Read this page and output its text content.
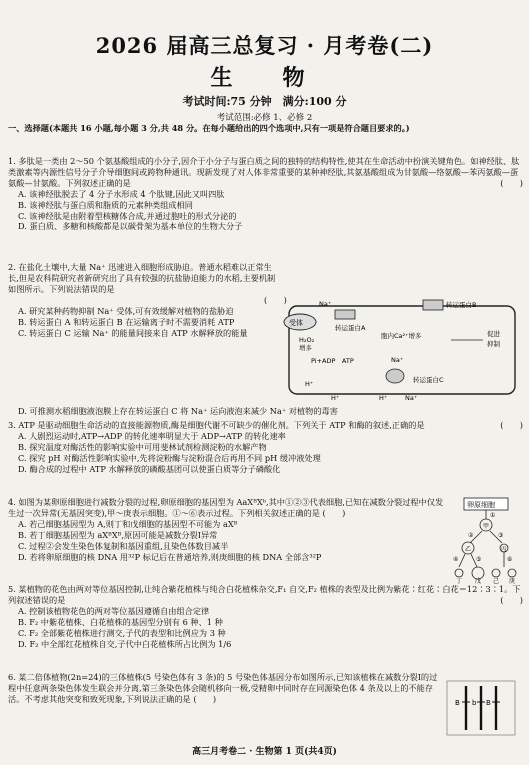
2026 届高三总复习 · 月考卷(二)
生　物
考试时间:75 分钟　满分:100 分
考试范围:必修 1、必修 2
一、选择题(本题共 16 小题,每小题 3 分,共 48 分。在每小题给出的四个选项中,只有一项是符合题目要求的。)
1. 多肽是一类由 2～50 个氨基酸组成的小分子,因介于小分子与蛋白质之间的独特的结构特性,使其在生命活动中扮演关键角色。如神经肽、肽类激素等内源性信号分子介导细胞间或跨物种通讯。现新发现了对人体非常重要的某种神经肽,其氨基酸组成为甘氨酸—络氨酸—苯丙氨酸—蛋氨酸—甘氨酸。下列叙述正确的是	(　　)
A. 该神经肽脱去了 4 分子水形成 4 个肽键,因此又叫四肽
B. 该神经肽与蛋白质和脂质的元素种类组成相同
C. 该神经肽是由附着型核糖体合成,并通过胞吐的形式分泌的
D. 蛋白质、多糖和核酸都是以碳骨架为基本单位的生物大分子
2. 在盐化土壤中,大量 Na⁺ 迅速进入细胞形成胁迫。普通水稻难以正常生长,但是农科院研究者新研究出了具有较强的抗盐胁迫能力的水稻,主要机制如图所示。下列说法错误的是
(　　)
A. 研究某种药物抑制 Na⁺ 受体,可有效缓解对植物的盐胁迫
B. 转运蛋白 A 和转运蛋白 B 在运输离子时不需要消耗 ATP
C. 转运蛋白 C 运输 Na⁺ 的能量间接来自 ATP 水解释放的能量
D. 可推测水稻细胞液泡膜上存在转运蛋白 C 将 Na⁺ 运向液泡来减少 Na⁺ 对植物的毒害
受体
Na⁺
H₂O₂
增多
转运蛋白A
转运蛋白B
胞内Ca²⁺增多	促进
抑制
Pi+ADP　ATP
转运蛋白C
H⁺
H⁺	H⁺
Na⁺
Na⁺
3. ATP 是驱动细胞生命活动的直接能源物质,酶是细胞代谢不可缺少的催化剂。下列关于 ATP 和酶的叙述,正确的是	(　　)
A. 人剧烈运动时,ATP→ADP 的转化速率明显大于 ADP→ATP 的转化速率
B. 探究温度对酶活性的影响实验中可用斐林试剂检测淀粉的水解产物
C. 探究 pH 对酶活性影响实验中,先将淀粉酶与淀粉混合后再用不同 pH 缓冲液处理
D. 酶合成的过程中 ATP 水解释放的磷酸基团可以使蛋白质等分子磷酸化
4. 如图为某卵原细胞进行减数分裂的过程,卵原细胞的基因型为 AaXᴮXᵇ,其中①②③代表细胞,已知在减数分裂过程中仅发生过一次异常(无基因突变),甲～庚表示细胞。①～⑥表示过程。下列相关叙述正确的是 (　　)
A. 若己细胞基因型为 A,则丁和戊细胞的基因型不可能为 aXᴮ
B. 若丁细胞基因型为 aXᴮXᴮ,原因可能是减数分裂Ⅰ异常
C. 过程②会发生染色体复制和基因重组,且染色体数目减半
D. 若将卵原细胞的核 DNA 用³²P 标记后在普通培养,则庚细胞的核 DNA 全部含³²P
卵原细胞
①
甲
②	③
乙	丙
④	⑤	⑥
丁 戊 己 庚
5. 某植物的花色由两对等位基因控制,让纯合紫花植株与纯合白花植株杂交,F₁ 自交,F₂ 植株的表型及比例为紫花∶红花∶白花＝12∶3∶1。下列叙述错误的是	(　　)
A. 控制该植物花色的两对等位基因遵循自由组合定律
B. F₂ 中紫花植株、白花植株的基因型分别有 6 种、1 种
C. F₂ 全部紫花植株进行测交,子代的表型和比例应为 3 种
D. F₂ 中全部红花植株自交,子代中白花植株所占比例为 1/6
6. 某二倍体植物(2n=24)的三体植株(5 号染色体有 3 条)的 5 号染色体基因分布如图所示,已知该植株在减数分裂Ⅰ的过程中任意两条染色体发生联会并分离,第三条染色体会随机移向一极,受精卵中同时存在同源染色体 4 条及以上的不能存活。不考虑其他突变和致死现象,下列说法正确的是 (　　)	B b B
高三月考卷二 · 生物第 1 页(共4页)
